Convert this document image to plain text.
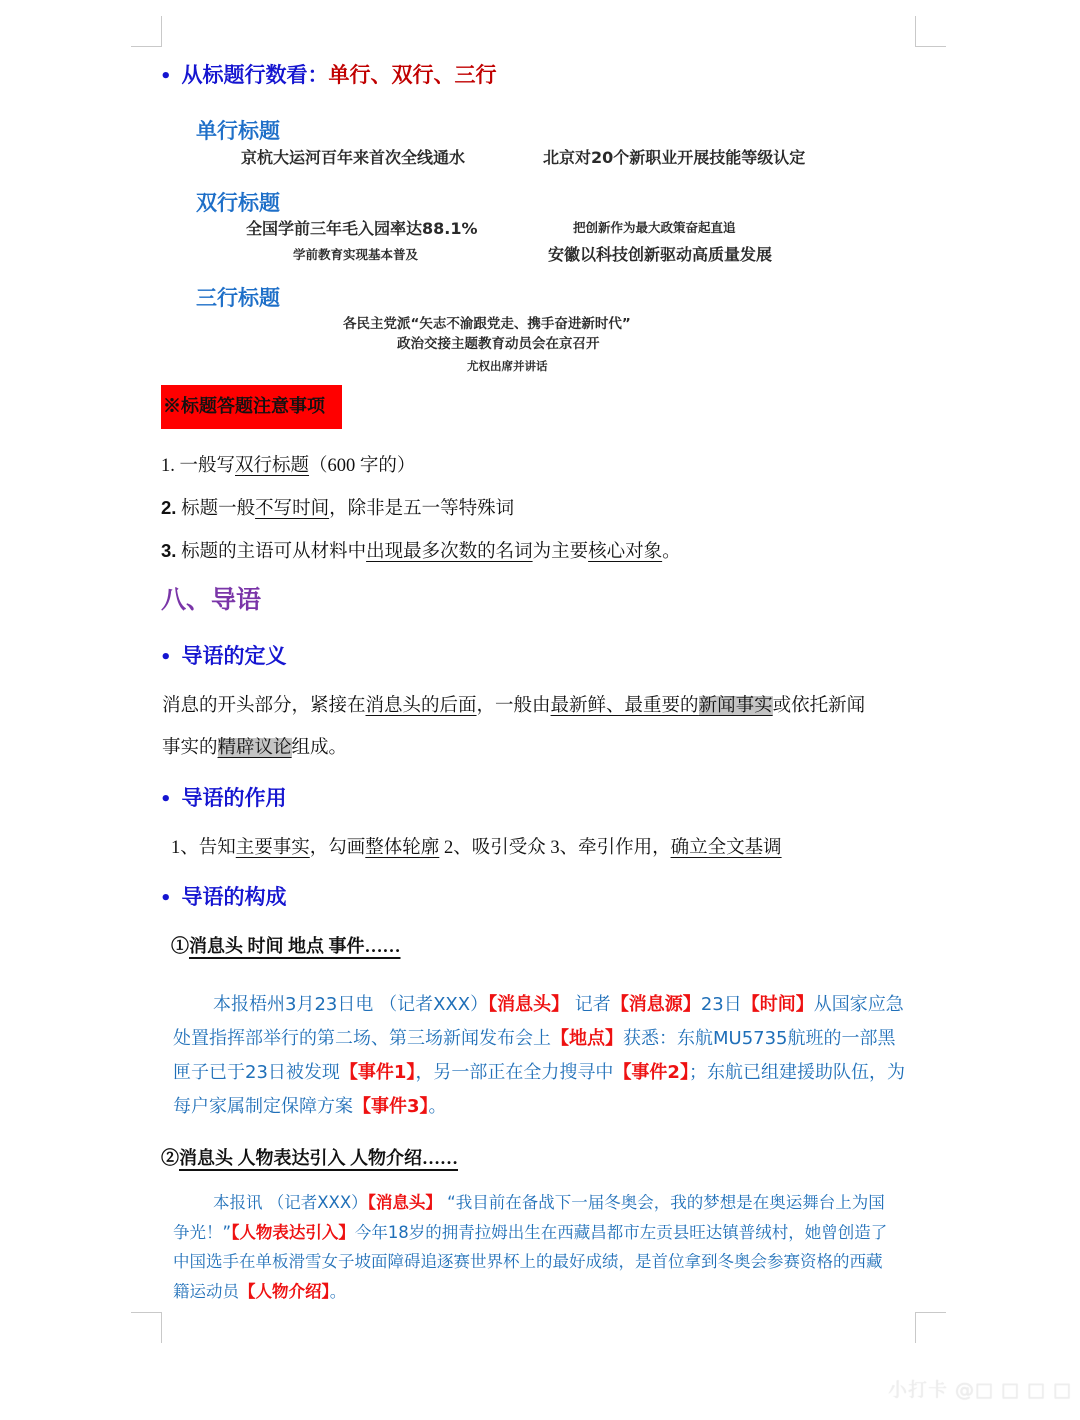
• 从标题行数看：单行、双行、三行
单行标题
京杭大运河百年来首次全线通水	北京对20个新职业开展技能等级认定
双行标题
全国学前三年毛入园率达88.1%
学前教育实现基本普及
把创新作为最大政策奋起直追
安徽以科技创新驱动高质量发展
三行标题
各民主党派“矢志不渝跟党走、携手奋进新时代”
政治交接主题教育动员会在京召开
尤权出席并讲话
※标题答题注意事项
1. 一般写双行标题（600 字的）
2. 标题一般不写时间，除非是五一等特殊词
3. 标题的主语可从材料中出现最多次数的名词为主要核心对象。
八、导语
• 导语的定义
消息的开头部分，紧接在消息头的后面，一般由最新鲜、最重要的新闻事实或依托新闻
事实的精辟议论组成。
• 导语的作用
1、告知主要事实，勾画整体轮廓 2、吸引受众 3、牵引作用，确立全文基调
• 导语的构成
①消息头 时间 地点 事件……
本报梧州3月23日电 （记者XXX）【消息头】 记者【消息源】23日【时间】从国家应急处置指挥部举行的第二场、第三场新闻发布会上【地点】获悉：东航MU5735航班的一部黑匣子已于23日被发现【事件1】，另一部正在全力搜寻中【事件2】；东航已组建援助队伍，为每户家属制定保障方案【事件3】。
②消息头 人物表达引入 人物介绍……
本报讯 （记者XXX）【消息头】 “我目前在备战下一届冬奥会，我的梦想是在奥运舞台上为国争光！”【人物表达引入】今年18岁的拥青拉姆出生在西藏昌都市左贡县旺达镇普绒村，她曾创造了中国选手在单板滑雪女子坡面障碍追逐赛世界杯上的最好成绩，是首位拿到冬奥会参赛资格的西藏籍运动员【人物介绍】。
小打卡 @□ □ □ □
